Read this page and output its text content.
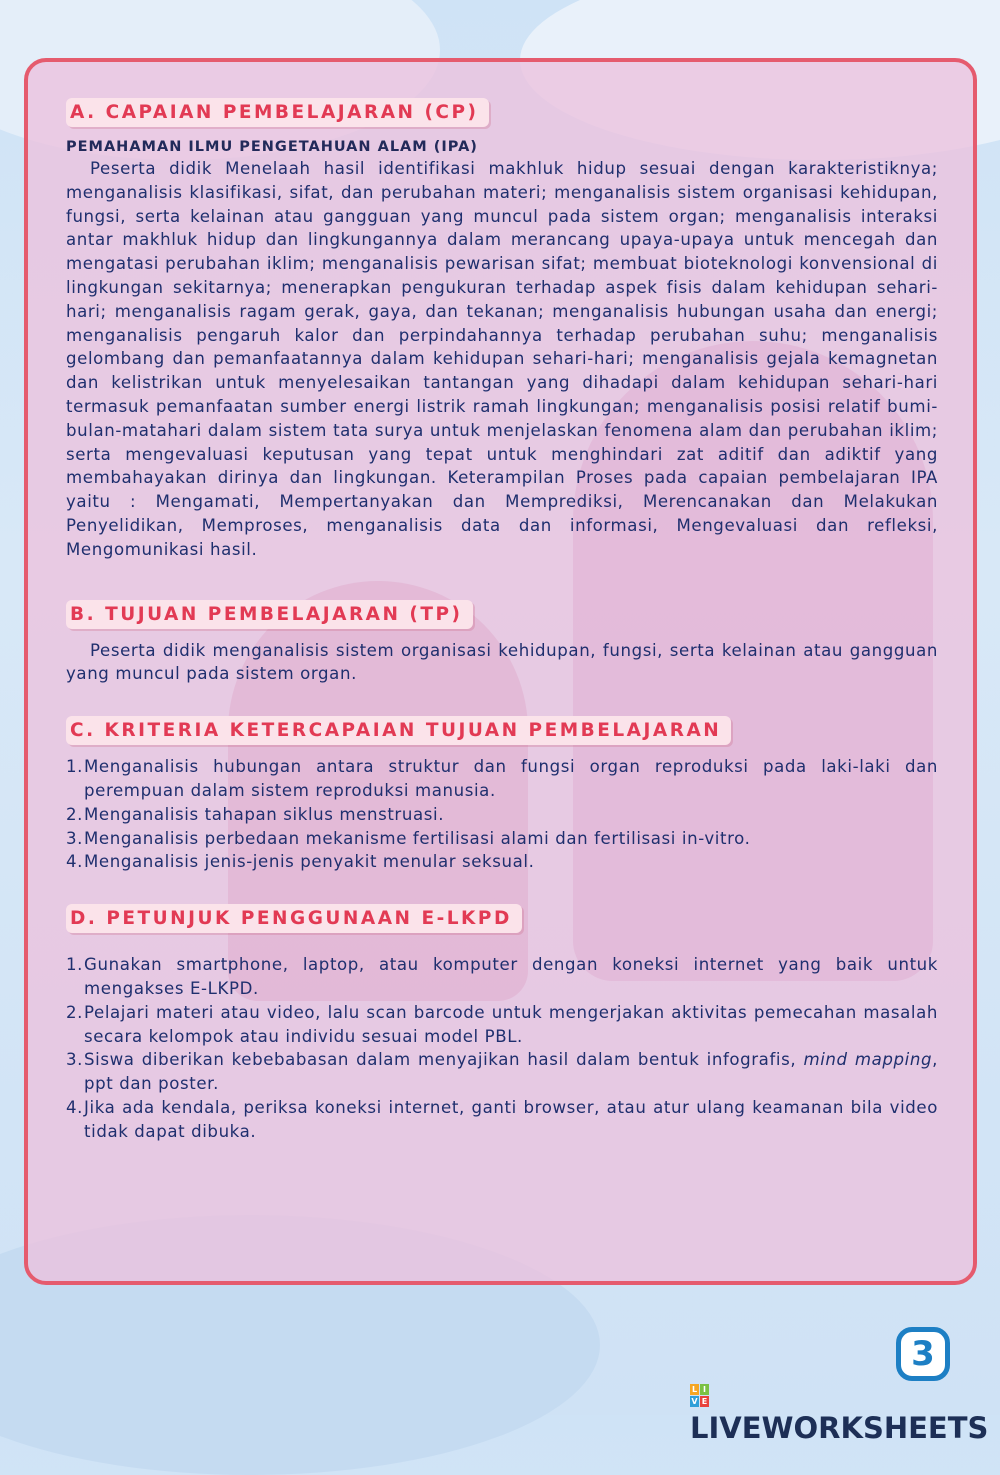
A. CAPAIAN PEMBELAJARAN (CP)
PEMAHAMAN ILMU PENGETAHUAN ALAM (IPA)

Peserta didik Menelaah hasil identifikasi makhluk hidup sesuai dengan karakteristiknya; menganalisis klasifikasi, sifat, dan perubahan materi; menganalisis sistem organisasi kehidupan, fungsi, serta kelainan atau gangguan yang muncul pada sistem organ; menganalisis interaksi antar makhluk hidup dan lingkungannya dalam merancang upaya-upaya untuk mencegah dan mengatasi perubahan iklim; menganalisis pewarisan sifat; membuat bioteknologi konvensional di lingkungan sekitarnya; menerapkan pengukuran terhadap aspek fisis dalam kehidupan sehari-hari; menganalisis ragam gerak, gaya, dan tekanan; menganalisis hubungan usaha dan energi; menganalisis pengaruh kalor dan perpindahannya terhadap perubahan suhu; menganalisis gelombang dan pemanfaatannya dalam kehidupan sehari-hari; menganalisis gejala kemagnetan dan kelistrikan untuk menyelesaikan tantangan yang dihadapi dalam kehidupan sehari-hari termasuk pemanfaatan sumber energi listrik ramah lingkungan; menganalisis posisi relatif bumi-bulan-matahari dalam sistem tata surya untuk menjelaskan fenomena alam dan perubahan iklim; serta mengevaluasi keputusan yang tepat untuk menghindari zat aditif dan adiktif yang membahayakan dirinya dan lingkungan. Keterampilan Proses pada capaian pembelajaran IPA yaitu : Mengamati, Mempertanyakan dan Memprediksi, Merencanakan dan Melakukan Penyelidikan, Memproses, menganalisis data dan informasi, Mengevaluasi dan refleksi, Mengomunikasi hasil.

B. TUJUAN PEMBELAJARAN (TP)

Peserta didik menganalisis sistem organisasi kehidupan, fungsi, serta kelainan atau gangguan yang muncul pada sistem organ.

C. KRITERIA KETERCAPAIAN TUJUAN PEMBELAJARAN
1. Menganalisis hubungan antara struktur dan fungsi organ reproduksi pada laki-laki dan perempuan dalam sistem reproduksi manusia.
2. Menganalisis tahapan siklus menstruasi.
3. Menganalisis perbedaan mekanisme fertilisasi alami dan fertilisasi in-vitro.
4. Menganalisis jenis-jenis penyakit menular seksual.
D. PETUNJUK PENGGUNAAN E-LKPD
1. Gunakan smartphone, laptop, atau komputer dengan koneksi internet yang baik untuk mengakses E-LKPD.
2. Pelajari materi atau video, lalu scan barcode untuk mengerjakan aktivitas pemecahan masalah secara kelompok atau individu sesuai model PBL.
3. Siswa diberikan kebebabasan dalam menyajikan hasil dalam bentuk infografis, mind mapping, ppt dan poster.
4. Jika ada kendala, periksa koneksi internet, ganti browser, atau atur ulang keamanan bila video tidak dapat dibuka.
3
L I
V E
LIVEWORKSHEETS
